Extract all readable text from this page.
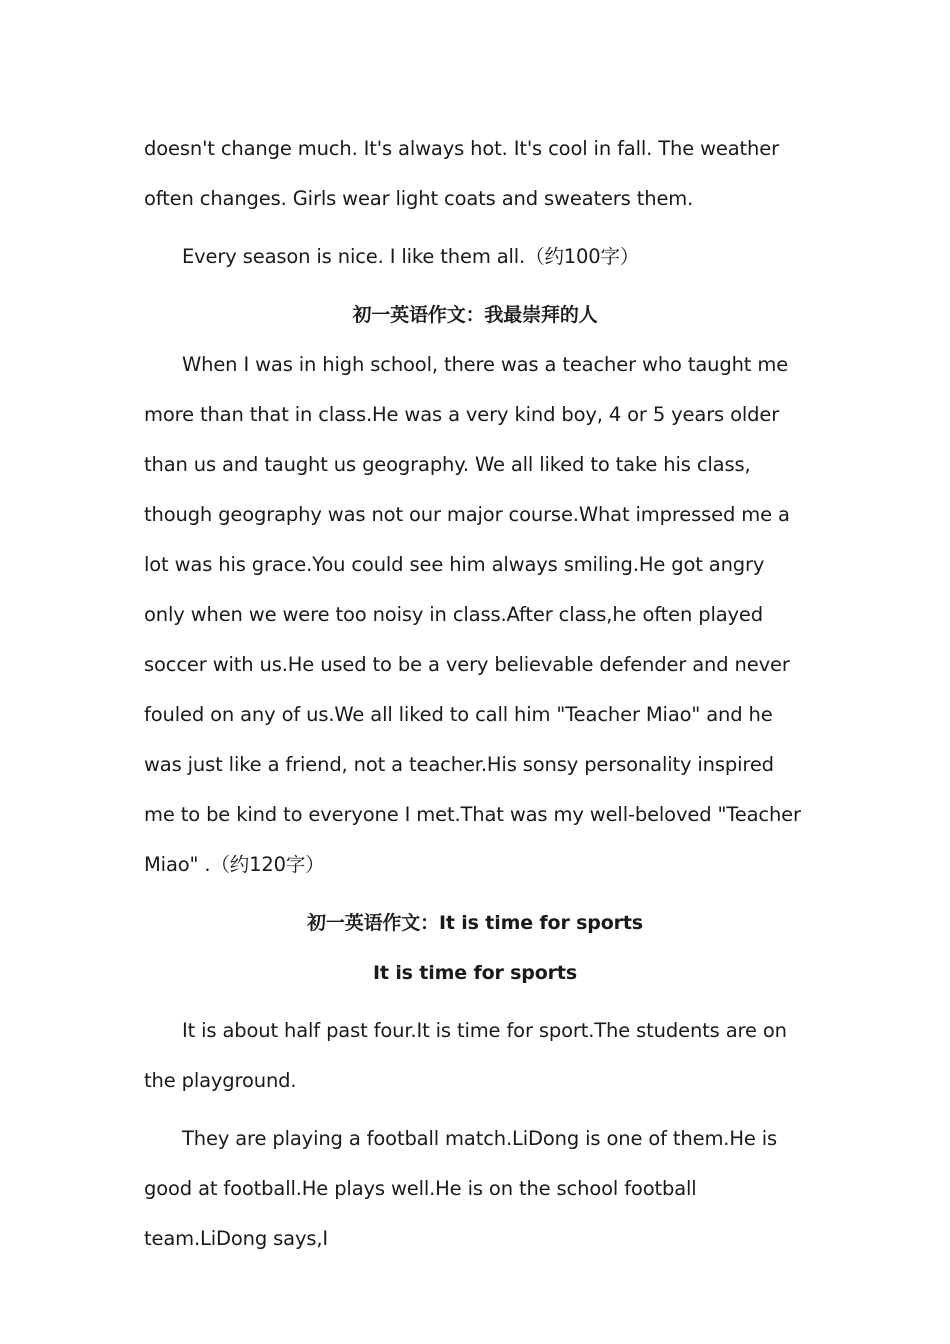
doesn't change much. It's always hot. It's cool in fall. The weather often changes. Girls wear light coats and sweaters them.

Every season is nice. I like them all.（约100字）

初一英语作文：我最崇拜的人

When I was in high school, there was a teacher who taught me more than that in class.He was a very kind boy, 4 or 5 years older than us and taught us geography. We all liked to take his class, though geography was not our major course.What impressed me a lot was his grace.You could see him always smiling.He got angry only when we were too noisy in class.After class,he often played soccer with us.He used to be a very believable defender and never fouled on any of us.We all liked to call him "Teacher Miao" and he was just like a friend, not a teacher.His sonsy personality inspired me to be kind to everyone I met.That was my well-beloved "Teacher Miao" .（约120字）

初一英语作文：It is time for sports

It is time for sports

It is about half past four.It is time for sport.The students are on the playground.

They are playing a football match.LiDong is one of them.He is good at football.He plays well.He is on the school football team.LiDong says,I
